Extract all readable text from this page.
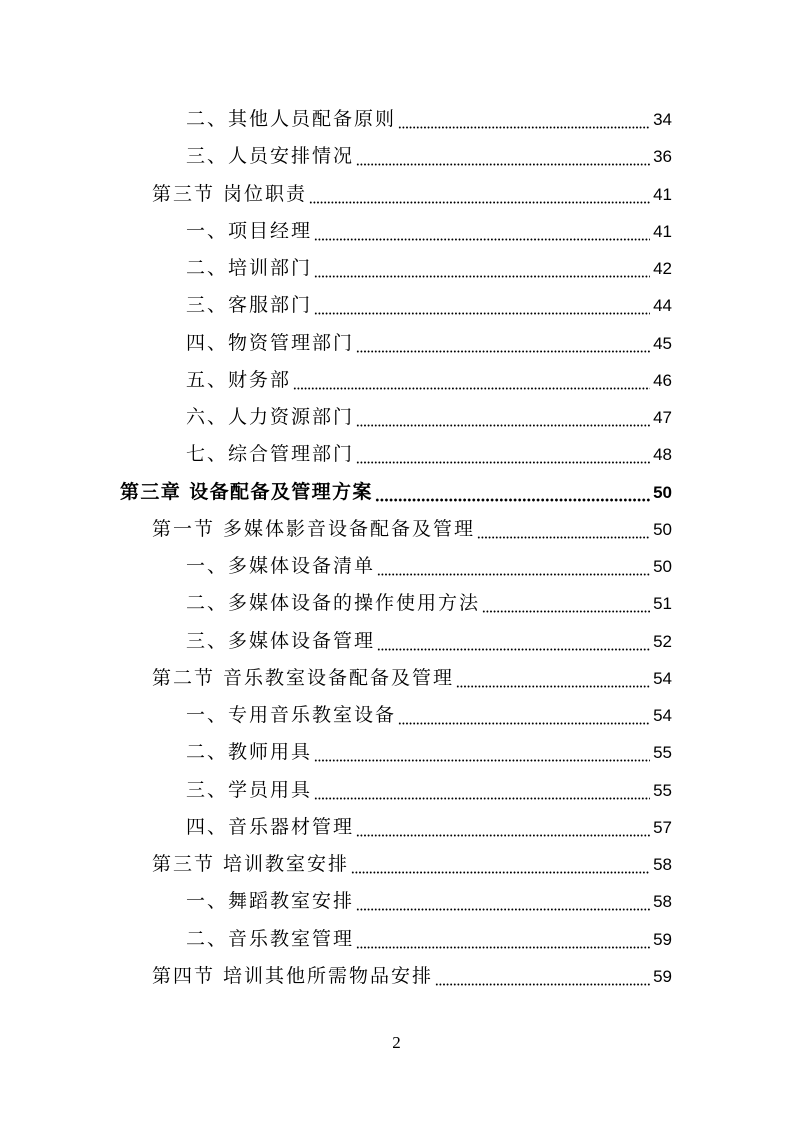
二、其他人员配备原则	34
三、人员安排情况	36
第三节 岗位职责	41
一、项目经理	41
二、培训部门	42
三、客服部门	44
四、物资管理部门	45
五、财务部	46
六、人力资源部门	47
七、综合管理部门	48
第三章 设备配备及管理方案	50
第一节 多媒体影音设备配备及管理	50
一、多媒体设备清单	50
二、多媒体设备的操作使用方法	51
三、多媒体设备管理	52
第二节 音乐教室设备配备及管理	54
一、专用音乐教室设备	54
二、教师用具	55
三、学员用具	55
四、音乐器材管理	57
第三节 培训教室安排	58
一、舞蹈教室安排	58
二、音乐教室管理	59
第四节 培训其他所需物品安排	59
2
